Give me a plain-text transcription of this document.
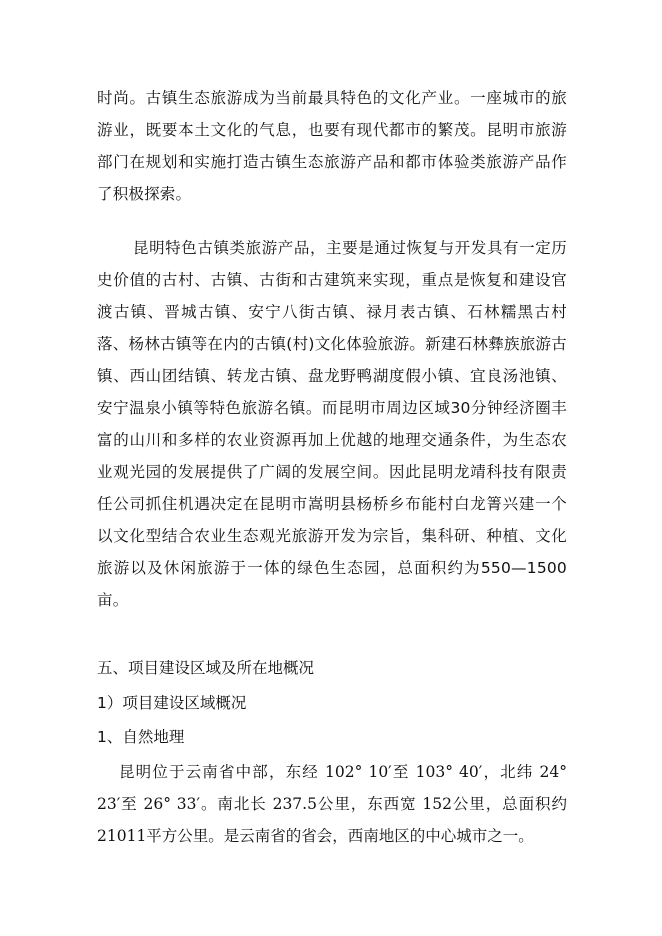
时尚。古镇生态旅游成为当前最具特色的文化产业。一座城市的旅游业，既要本土文化的气息，也要有现代都市的繁茂。昆明市旅游部门在规划和实施打造古镇生态旅游产品和都市体验类旅游产品作了积极探索。

昆明特色古镇类旅游产品，主要是通过恢复与开发具有一定历史价值的古村、古镇、古街和古建筑来实现，重点是恢复和建设官渡古镇、晋城古镇、安宁八街古镇、禄月表古镇、石林糯黑古村落、杨林古镇等在内的古镇(村)文化体验旅游。新建石林彝族旅游古镇、西山团结镇、转龙古镇、盘龙野鸭湖度假小镇、宜良汤池镇、安宁温泉小镇等特色旅游名镇。而昆明市周边区域30分钟经济圈丰富的山川和多样的农业资源再加上优越的地理交通条件，为生态农业观光园的发展提供了广阔的发展空间。因此昆明龙靖科技有限责任公司抓住机遇决定在昆明市嵩明县杨桥乡布能村白龙箐兴建一个以文化型结合农业生态观光旅游开发为宗旨，集科研、种植、文化旅游以及休闲旅游于一体的绿色生态园，总面积约为550—1500亩。

五、项目建设区域及所在地概况
1）项目建设区域概况
1、自然地理

昆明位于云南省中部，东经 102° 10′至 103° 40′，北纬 24° 23′至 26° 33′。南北长 237.5公里，东西宽 152公里，总面积约 21011平方公里。是云南省的省会，西南地区的中心城市之一。
